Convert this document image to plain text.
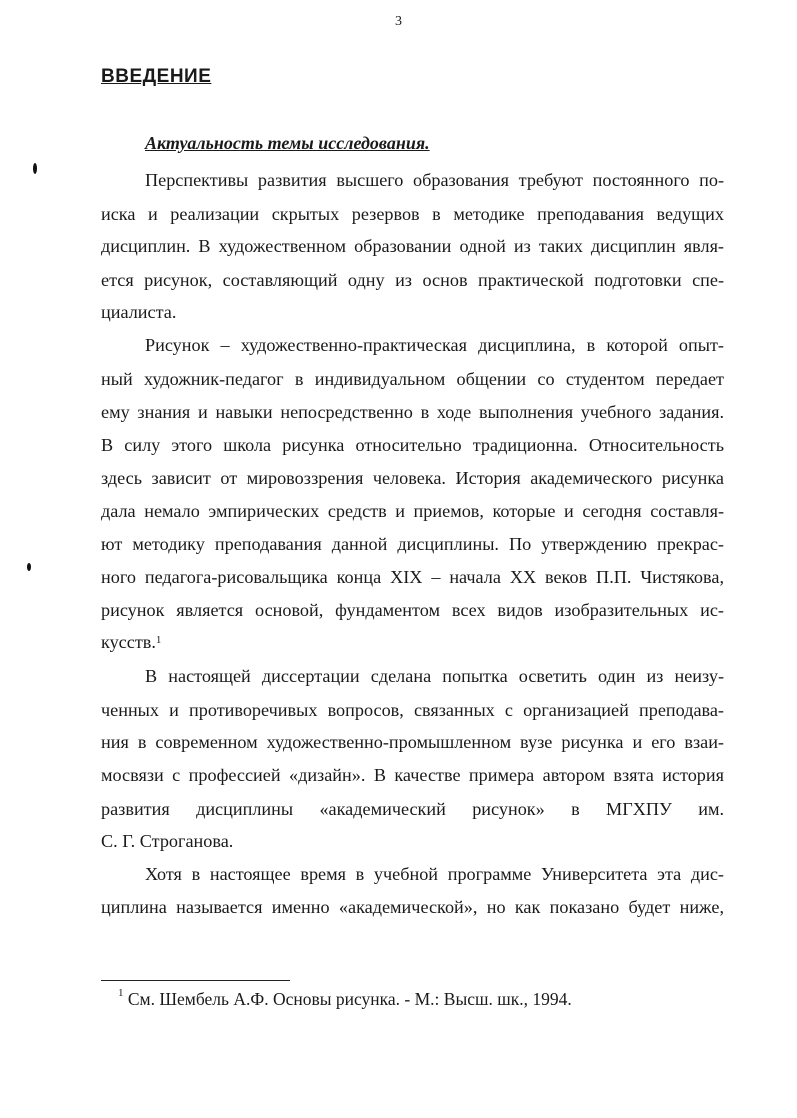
3
ВВЕДЕНИЕ
Актуальность темы исследования.
Перспективы развития высшего образования требуют постоянного по-
иска и реализации скрытых резервов в методике преподавания ведущих
дисциплин. В художественном образовании одной из таких дисциплин явля-
ется рисунок, составляющий одну из основ практической подготовки спе-
циалиста.
Рисунок – художественно-практическая дисциплина, в которой опыт-
ный художник-педагог в индивидуальном общении со студентом передает
ему знания и навыки непосредственно в ходе выполнения учебного задания.
В силу этого школа рисунка относительно традиционна. Относительность
здесь зависит от мировоззрения человека. История академического рисунка
дала немало эмпирических средств и приемов, которые и сегодня составля-
ют методику преподавания данной дисциплины. По утверждению прекрас-
ного педагога-рисовальщика конца XIX – начала XX веков П.П. Чистякова,
рисунок является основой, фундаментом всех видов изобразительных ис-
кусств.$^1$
В настоящей диссертации сделана попытка осветить один из неизу-
ченных и противоречивых вопросов, связанных с организацией преподава-
ния в современном художественно-промышленном вузе рисунка и его взаи-
мосвязи с профессией «дизайн». В качестве примера автором взята история
развития дисциплины «академический рисунок» в МГХПУ им.
С. Г. Строганова.
Хотя в настоящее время в учебной программе Университета эта дис-
циплина называется именно «академической», но как показано будет ниже,
$^1$ См. Шембель А.Ф. Основы рисунка. - М.: Высш. шк., 1994.
